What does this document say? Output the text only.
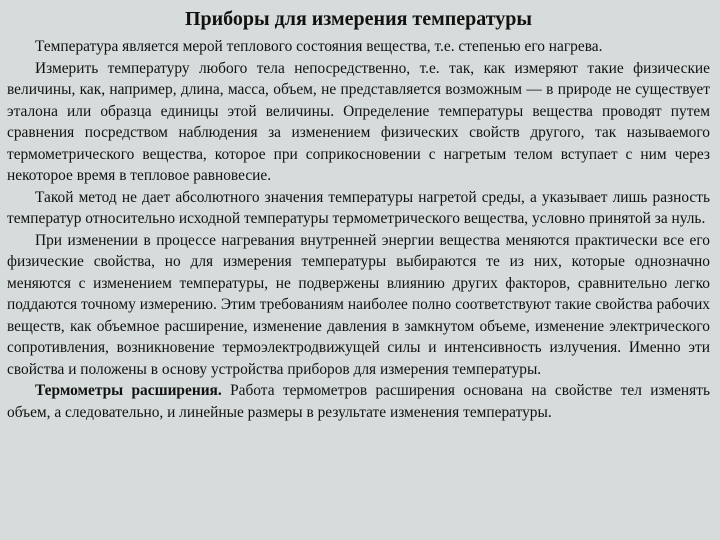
Приборы для измерения температуры

Температура является мерой теплового состояния вещества, т.е. степенью его нагрева.

Измерить температуру любого тела непосредственно, т.е. так, как измеряют такие физические величины, как, например, длина, масса, объем, не представляется возможным — в природе не существует эталона или образца единицы этой величины. Определение температуры вещества проводят путем сравнения посредством наблюдения за изменением физических свойств другого, так называемого термометрического вещества, которое при соприкосновении с нагретым телом вступает с ним через некоторое время в тепловое равновесие.

Такой метод не дает абсолютного значения температуры нагретой среды, а указывает лишь разность температур относительно исходной температуры термометрического вещества, условно принятой за нуль.

При изменении в процессе нагревания внутренней энергии вещества меняются практически все его физические свойства, но для измерения температуры выбираются те из них, которые однозначно меняются с изменением температуры, не подвержены влиянию других факторов, сравнительно легко поддаются точному измерению. Этим требованиям наиболее полно соответствуют такие свойства рабочих веществ, как объемное расширение, изменение давления в замкнутом объеме, изменение электрического сопротивления, возникновение термоэлектродвижущей силы и интенсивность излучения. Именно эти свойства и положены в основу устройства приборов для измерения температуры.

Термометры расширения. Работа термометров расширения основана на свойстве тел изменять объем, а следовательно, и линейные размеры в результате изменения температуры.
